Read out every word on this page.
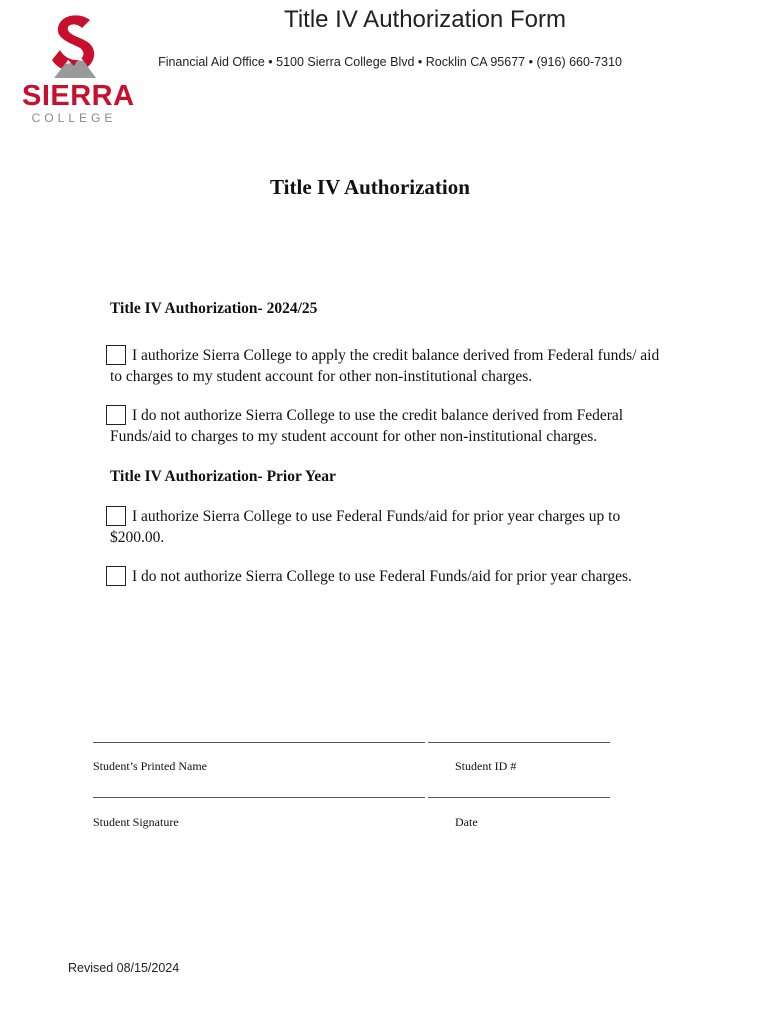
SIERRA
COLLEGE
Title IV Authorization Form
Financial Aid Office • 5100 Sierra College Blvd • Rocklin CA 95677 • (916) 660-7310
Title IV Authorization
Title IV Authorization- 2024/25
I authorize Sierra College to apply the credit balance derived from Federal funds/ aid to charges to my student account for other non-institutional charges.
I do not authorize Sierra College to use the credit balance derived from Federal Funds/aid to charges to my student account for other non-institutional charges.
Title IV Authorization- Prior Year
I authorize Sierra College to use Federal Funds/aid for prior year charges up to $200.00.
I do not authorize Sierra College to use Federal Funds/aid for prior year charges.
Student’s Printed Name	Student ID #
Student Signature	Date
Revised 08/15/2024
